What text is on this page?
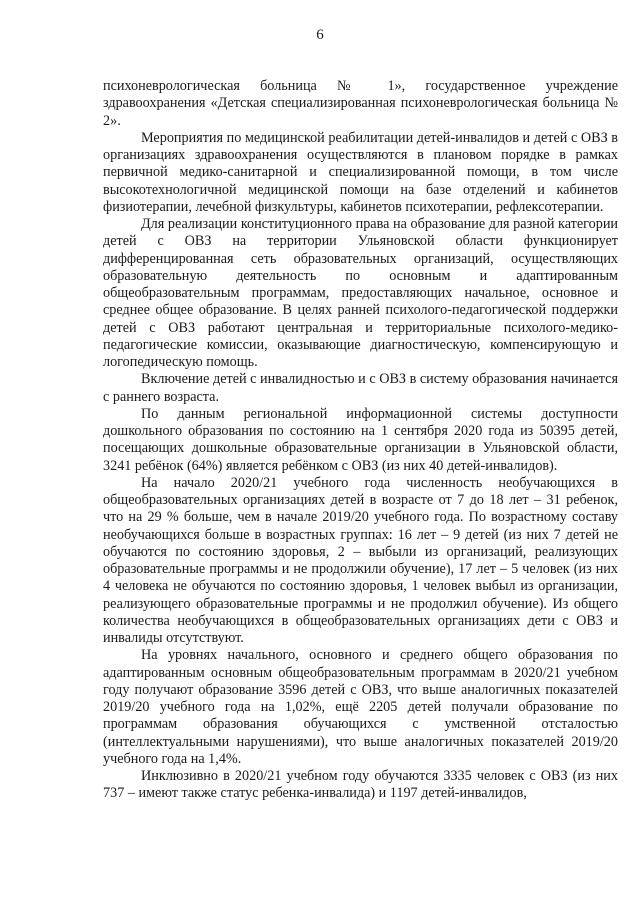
6

психоневрологическая больница № 1», государственное учреждение здравоохранения «Детская специализированная психоневрологическая больница № 2».

Мероприятия по медицинской реабилитации детей-инвалидов и детей с ОВЗ в организациях здравоохранения осуществляются в плановом порядке в рамках первичной медико-санитарной и специализированной помощи, в том числе высокотехнологичной медицинской помощи на базе отделений и кабинетов физиотерапии, лечебной физкультуры, кабинетов психотерапии, рефлексотерапии.

Для реализации конституционного права на образование для разной категории детей с ОВЗ на территории Ульяновской области функционирует дифференцированная сеть образовательных организаций, осуществляющих образовательную деятельность по основным и адаптированным общеобразовательным программам, предоставляющих начальное, основное и среднее общее образование. В целях ранней психолого-педагогической поддержки детей с ОВЗ работают центральная и территориальные психолого-медико-педагогические комиссии, оказывающие диагностическую, компенсирующую и логопедическую помощь.

Включение детей с инвалидностью и с ОВЗ в систему образования начинается с раннего возраста.

По данным региональной информационной системы доступности дошкольного образования по состоянию на 1 сентября 2020 года из 50395 детей, посещающих дошкольные образовательные организации в Ульяновской области, 3241 ребёнок (64%) является ребёнком с ОВЗ (из них 40 детей-инвалидов).

На начало 2020/21 учебного года численность необучающихся в общеобразовательных организациях детей в возрасте от 7 до 18 лет – 31 ребенок, что на 29 % больше, чем в начале 2019/20 учебного года. По возрастному составу необучающихся больше в возрастных группах: 16 лет – 9 детей (из них 7 детей не обучаются по состоянию здоровья, 2 – выбыли из организаций, реализующих образовательные программы и не продолжили обучение), 17 лет – 5 человек (из них 4 человека не обучаются по состоянию здоровья, 1 человек выбыл из организации, реализующего образовательные программы и не продолжил обучение). Из общего количества необучающихся в общеобразовательных организациях дети с ОВЗ и инвалиды отсутствуют.

На уровнях начального, основного и среднего общего образования по адаптированным основным общеобразовательным программам в 2020/21 учебном году получают образование 3596 детей с ОВЗ, что выше аналогичных показателей 2019/20 учебного года на 1,02%, ещё 2205 детей получали образование по программам образования обучающихся с умственной отсталостью (интеллектуальными нарушениями), что выше аналогичных показателей 2019/20 учебного года на 1,4%.

Инклюзивно в 2020/21 учебном году обучаются 3335 человек с ОВЗ (из них 737 – имеют также статус ребенка-инвалида) и 1197 детей-инвалидов,
